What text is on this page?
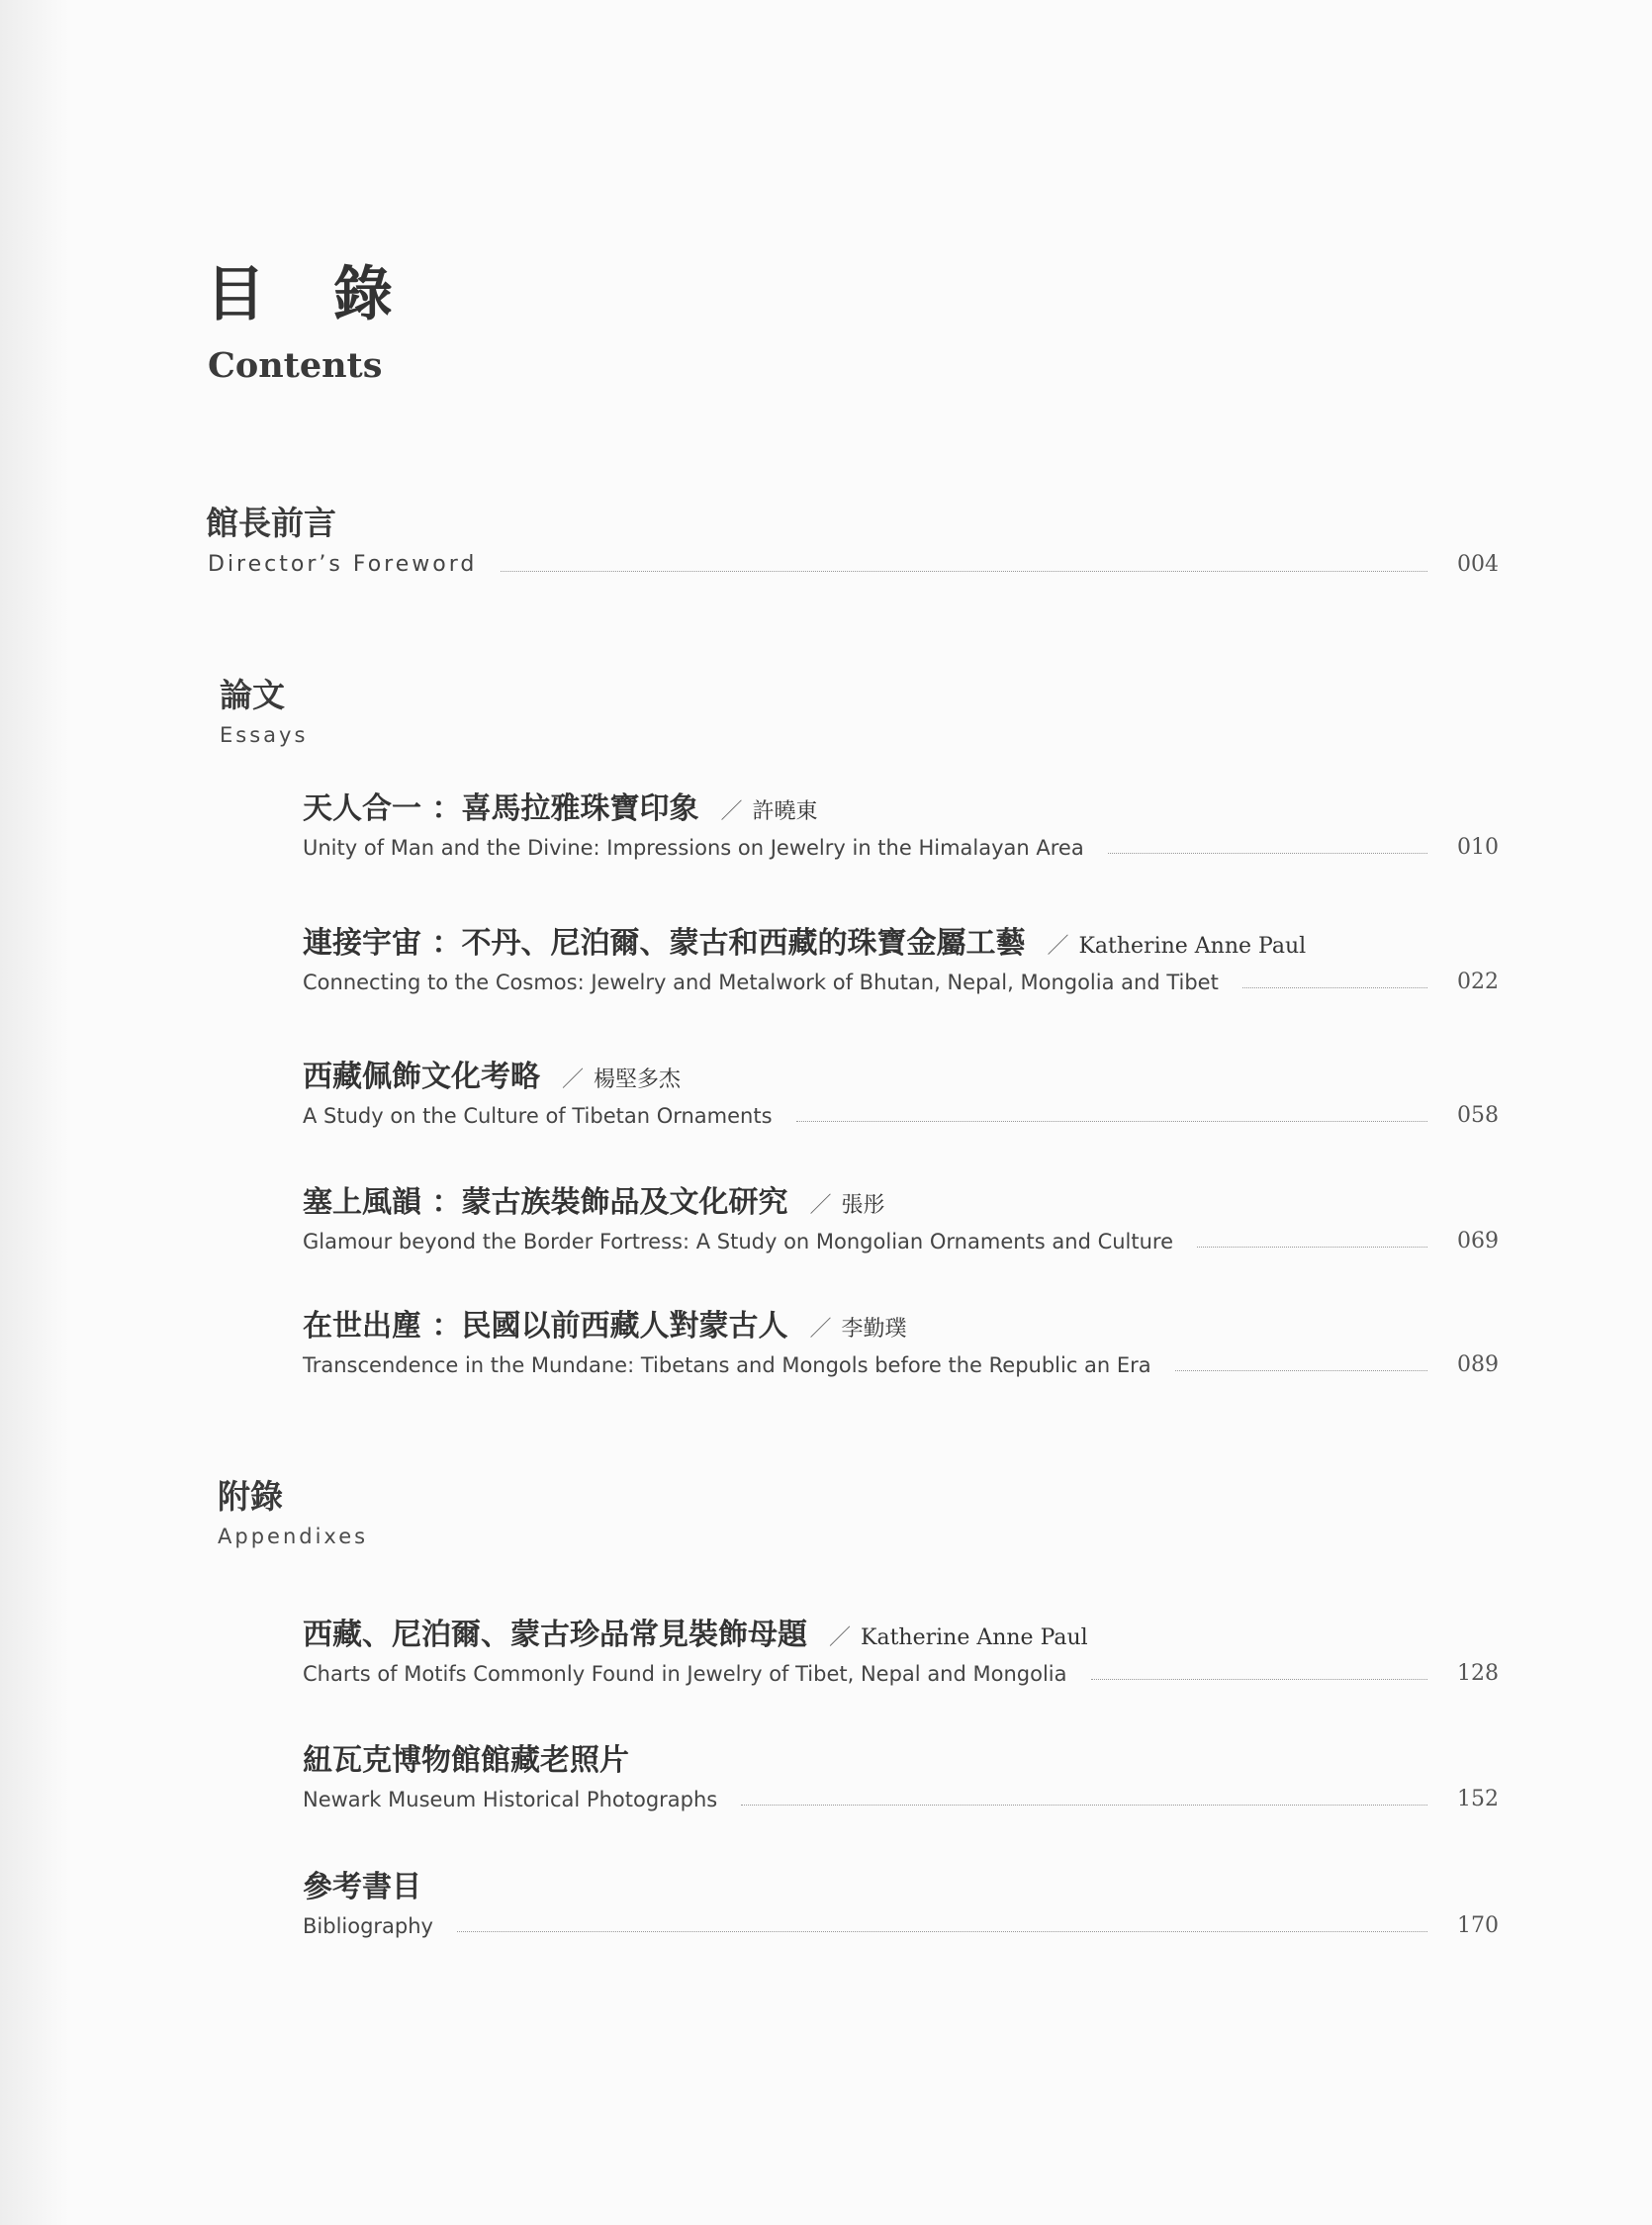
目 錄
Contents
館長前言
Director’s Foreword	004
論文
Essays
天人合一 ：喜馬拉雅珠寶印象 ／ 許曉東
Unity of Man and the Divine: Impressions on Jewelry in the Himalayan Area	010
連接宇宙 ：不丹、尼泊爾、蒙古和西藏的珠寶金屬工藝 ／ Katherine Anne Paul
Connecting to the Cosmos: Jewelry and Metalwork of Bhutan, Nepal, Mongolia and Tibet	022
西藏佩飾文化考略 ／ 楊堅多杰
A Study on the Culture of Tibetan Ornaments	058
塞上風韻 ：蒙古族裝飾品及文化研究 ／ 張彤
Glamour beyond the Border Fortress: A Study on Mongolian Ornaments and Culture	069
在世出塵 ：民國以前西藏人對蒙古人 ／ 李勤璞
Transcendence in the Mundane: Tibetans and Mongols before the Republic an Era	089
附錄
Appendixes
西藏、尼泊爾、蒙古珍品常見裝飾母題 ／ Katherine Anne Paul
Charts of Motifs Commonly Found in Jewelry of Tibet, Nepal and Mongolia	128
紐瓦克博物館館藏老照片
Newark Museum Historical Photographs	152
參考書目
Bibliography	170
